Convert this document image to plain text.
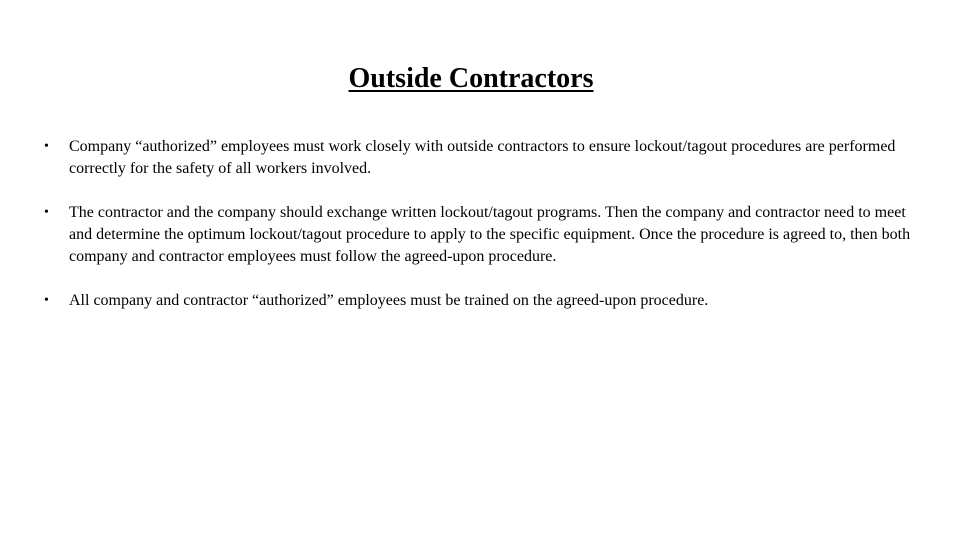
Outside Contractors
• Company “authorized” employees must work closely with outside contractors to ensure lockout/tagout procedures are performed correctly for the safety of all workers involved.
• The contractor and the company should exchange written lockout/tagout programs. Then the company and contractor need to meet and determine the optimum lockout/tagout procedure to apply to the specific equipment. Once the procedure is agreed to, then both company and contractor employees must follow the agreed-upon procedure.
• All company and contractor “authorized” employees must be trained on the agreed-upon procedure.
